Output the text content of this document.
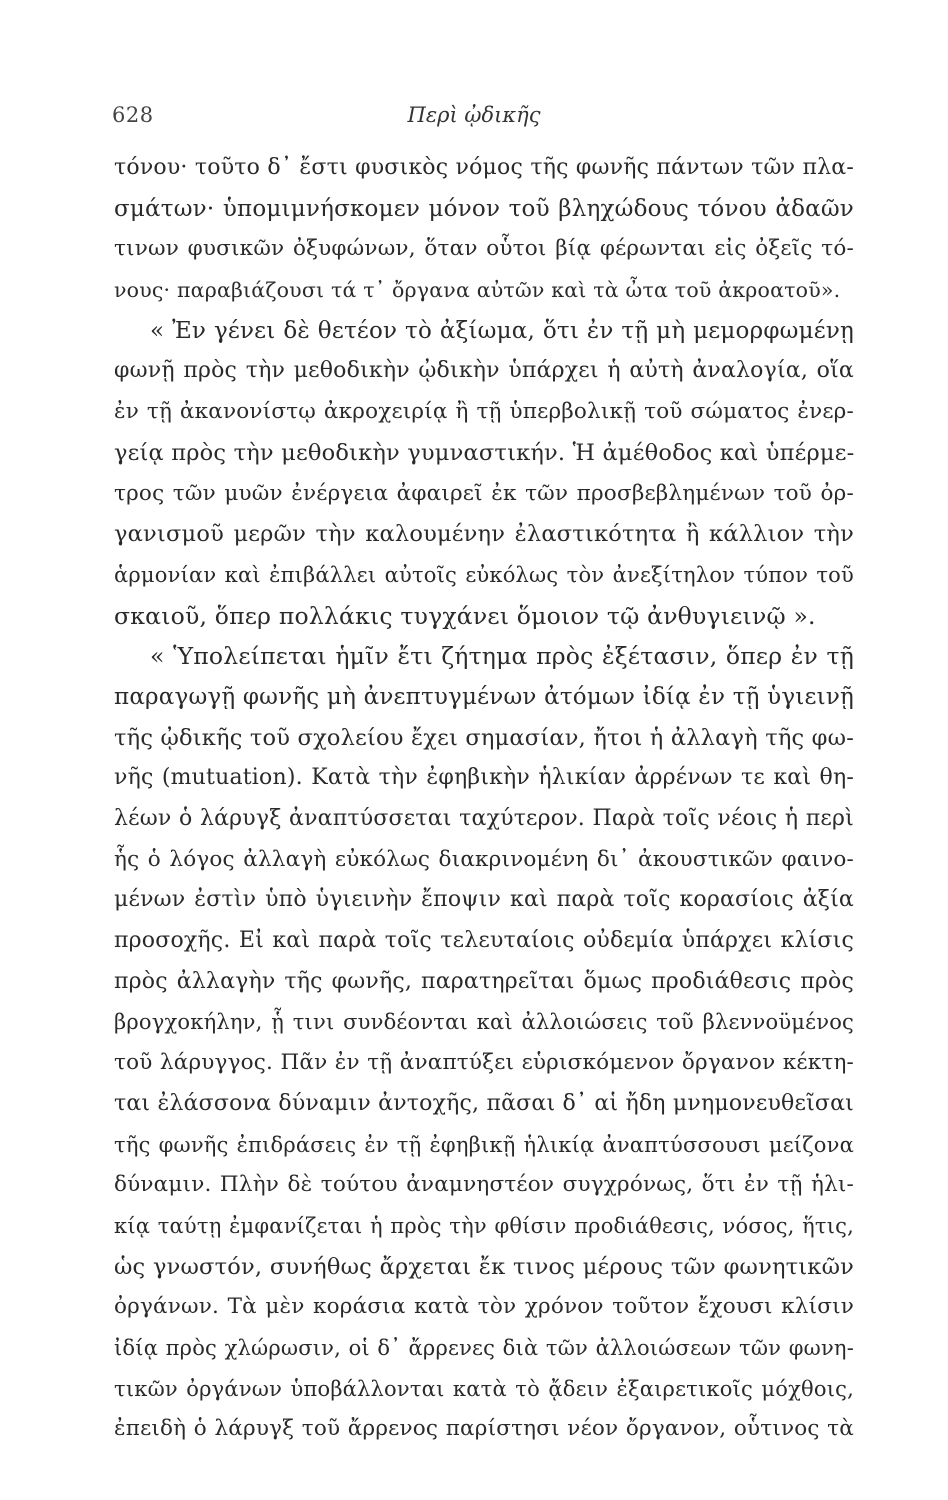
628	Περὶ ᾠδικῆς
τόνου· τοῦτο δ᾽ ἔστι φυσικὸς νόμος τῆς φωνῆς πάντων τῶν πλα-
σμάτων· ὑπομιμνήσκομεν μόνον τοῦ βληχώδους τόνου ἀδαῶν
τινων φυσικῶν ὀξυφώνων, ὅταν οὗτοι βίᾳ φέρωνται εἰς ὀξεῖς τό-
νους· παραβιάζουσι τά τ᾽ ὄργανα αὐτῶν καὶ τὰ ὦτα τοῦ ἀκροατοῦ».
« Ἐν γένει δὲ θετέον τὸ ἀξίωμα, ὅτι ἐν τῇ μὴ μεμορφωμένῃ
φωνῇ πρὸς τὴν μεθοδικὴν ᾠδικὴν ὑπάρχει ἡ αὐτὴ ἀναλογία, οἵα
ἐν τῇ ἀκανονίστῳ ἀκροχειρίᾳ ἢ τῇ ὑπερβολικῇ τοῦ σώματος ἐνερ-
γείᾳ πρὸς τὴν μεθοδικὴν γυμναστικήν. Ἡ ἀμέθοδος καὶ ὑπέρμε-
τρος τῶν μυῶν ἐνέργεια ἀφαιρεῖ ἐκ τῶν προσβεβλημένων τοῦ ὀρ-
γανισμοῦ μερῶν τὴν καλουμένην ἐλαστικότητα ἢ κάλλιον τὴν
ἁρμονίαν καὶ ἐπιβάλλει αὐτοῖς εὐκόλως τὸν ἀνεξίτηλον τύπον τοῦ
σκαιοῦ, ὅπερ πολλάκις τυγχάνει ὅμοιον τῷ ἀνθυγιεινῷ ».
« Ὑπολείπεται ἡμῖν ἔτι ζήτημα πρὸς ἐξέτασιν, ὅπερ ἐν τῇ
παραγωγῇ φωνῆς μὴ ἀνεπτυγμένων ἀτόμων ἰδίᾳ ἐν τῇ ὑγιεινῇ
τῆς ᾠδικῆς τοῦ σχολείου ἔχει σημασίαν, ἤτοι ἡ ἀλλαγὴ τῆς φω-
νῆς (mutuation). Κατὰ τὴν ἐφηβικὴν ἡλικίαν ἀρρένων τε καὶ θη-
λέων ὁ λάρυγξ ἀναπτύσσεται ταχύτερον. Παρὰ τοῖς νέοις ἡ περὶ
ἧς ὁ λόγος ἀλλαγὴ εὐκόλως διακρινομένη δι᾽ ἀκουστικῶν φαινο-
μένων ἐστὶν ὑπὸ ὑγιεινὴν ἔποψιν καὶ παρὰ τοῖς κορασίοις ἀξία
προσοχῆς. Εἰ καὶ παρὰ τοῖς τελευταίοις οὐδεμία ὑπάρχει κλίσις
πρὸς ἀλλαγὴν τῆς φωνῆς, παρατηρεῖται ὅμως προδιάθεσις πρὸς
βρογχοκήλην, ᾗ τινι συνδέονται καὶ ἀλλοιώσεις τοῦ βλεννοϋμένος
τοῦ λάρυγγος. Πᾶν ἐν τῇ ἀναπτύξει εὑρισκόμενον ὄργανον κέκτη-
ται ἐλάσσονα δύναμιν ἀντοχῆς, πᾶσαι δ᾽ αἱ ἤδη μνημονευθεῖσαι
τῆς φωνῆς ἐπιδράσεις ἐν τῇ ἐφηβικῇ ἡλικίᾳ ἀναπτύσσουσι μείζονα
δύναμιν. Πλὴν δὲ τούτου ἀναμνηστέον συγχρόνως, ὅτι ἐν τῇ ἡλι-
κίᾳ ταύτῃ ἐμφανίζεται ἡ πρὸς τὴν φθίσιν προδιάθεσις, νόσος, ἥτις,
ὡς γνωστόν, συνήθως ἄρχεται ἔκ τινος μέρους τῶν φωνητικῶν
ὀργάνων. Τὰ μὲν κοράσια κατὰ τὸν χρόνον τοῦτον ἔχουσι κλίσιν
ἰδίᾳ πρὸς χλώρωσιν, οἱ δ᾽ ἄρρενες διὰ τῶν ἀλλοιώσεων τῶν φωνη-
τικῶν ὀργάνων ὑποβάλλονται κατὰ τὸ ᾄδειν ἐξαιρετικοῖς μόχθοις,
ἐπειδὴ ὁ λάρυγξ τοῦ ἄρρενος παρίστησι νέον ὄργανον, οὗτινος τὰ
